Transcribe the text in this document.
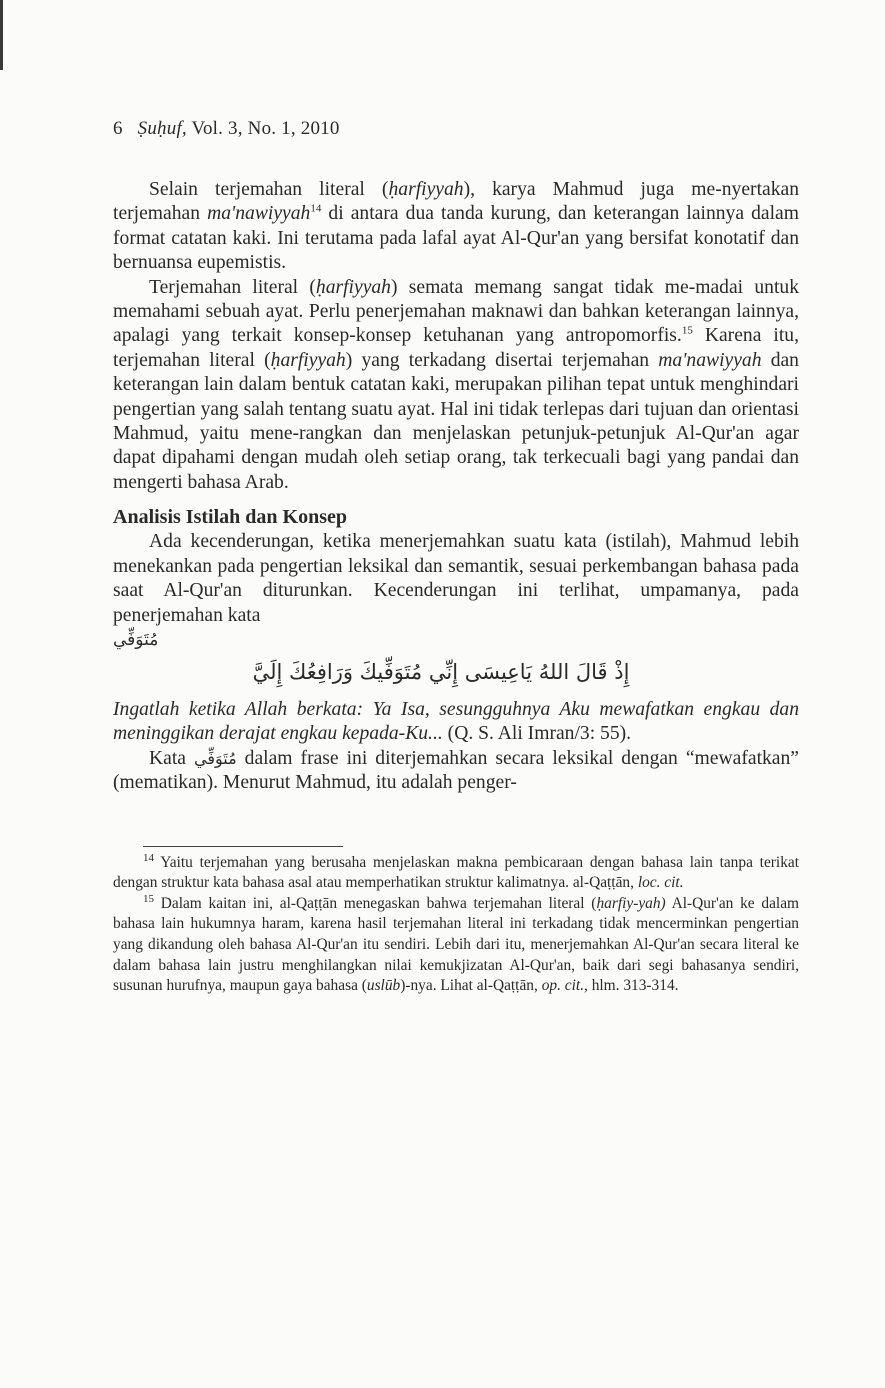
6 Ṣuḥuf, Vol. 3, No. 1, 2010

Selain terjemahan literal (ḥarfiyyah), karya Mahmud juga me-nyertakan terjemahan ma'nawiyyah$^{14}$ di antara dua tanda kurung, dan keterangan lainnya dalam format catatan kaki. Ini terutama pada lafal ayat Al-Qur'an yang bersifat konotatif dan bernuansa eupemistis.

Terjemahan literal (ḥarfiyyah) semata memang sangat tidak me-madai untuk memahami sebuah ayat. Perlu penerjemahan maknawi dan bahkan keterangan lainnya, apalagi yang terkait konsep-konsep ketuhanan yang antropomorfis.$^{15}$ Karena itu, terjemahan literal (ḥarfiyyah) yang terkadang disertai terjemahan ma'nawiyyah dan keterangan lain dalam bentuk catatan kaki, merupakan pilihan tepat untuk menghindari pengertian yang salah tentang suatu ayat. Hal ini tidak terlepas dari tujuan dan orientasi Mahmud, yaitu mene-rangkan dan menjelaskan petunjuk-petunjuk Al-Qur'an agar dapat dipahami dengan mudah oleh setiap orang, tak terkecuali bagi yang pandai dan mengerti bahasa Arab.

Analisis Istilah dan Konsep

Ada kecenderungan, ketika menerjemahkan suatu kata (istilah), Mahmud lebih menekankan pada pengertian leksikal dan semantik, sesuai perkembangan bahasa pada saat Al-Qur'an diturunkan. Kecenderungan ini terlihat, umpamanya, pada penerjemahan kata

مُتَوَفِّي

إِذْ قَالَ اللهُ يَاعِيسَى إِنِّي مُتَوَفِّيكَ وَرَافِعُكَ إِلَيَّ

Ingatlah ketika Allah berkata: Ya Isa, sesungguhnya Aku mewafatkan engkau dan meninggikan derajat engkau kepada-Ku... (Q. S. Ali Imran/3: 55).

Kata مُتَوَفِّي dalam frase ini diterjemahkan secara leksikal dengan “mewafatkan” (mematikan). Menurut Mahmud, itu adalah penger-

$^{14}$ Yaitu terjemahan yang berusaha menjelaskan makna pembicaraan dengan bahasa lain tanpa terikat dengan struktur kata bahasa asal atau memperhatikan struktur kalimatnya. al-Qaṭṭān, loc. cit.

$^{15}$ Dalam kaitan ini, al-Qaṭṭān menegaskan bahwa terjemahan literal (ḥarfiy-yah) Al-Qur'an ke dalam bahasa lain hukumnya haram, karena hasil terjemahan literal ini terkadang tidak mencerminkan pengertian yang dikandung oleh bahasa Al-Qur'an itu sendiri. Lebih dari itu, menerjemahkan Al-Qur'an secara literal ke dalam bahasa lain justru menghilangkan nilai kemukjizatan Al-Qur'an, baik dari segi bahasanya sendiri, susunan hurufnya, maupun gaya bahasa (uslūb)-nya. Lihat al-Qaṭṭān, op. cit., hlm. 313-314.
